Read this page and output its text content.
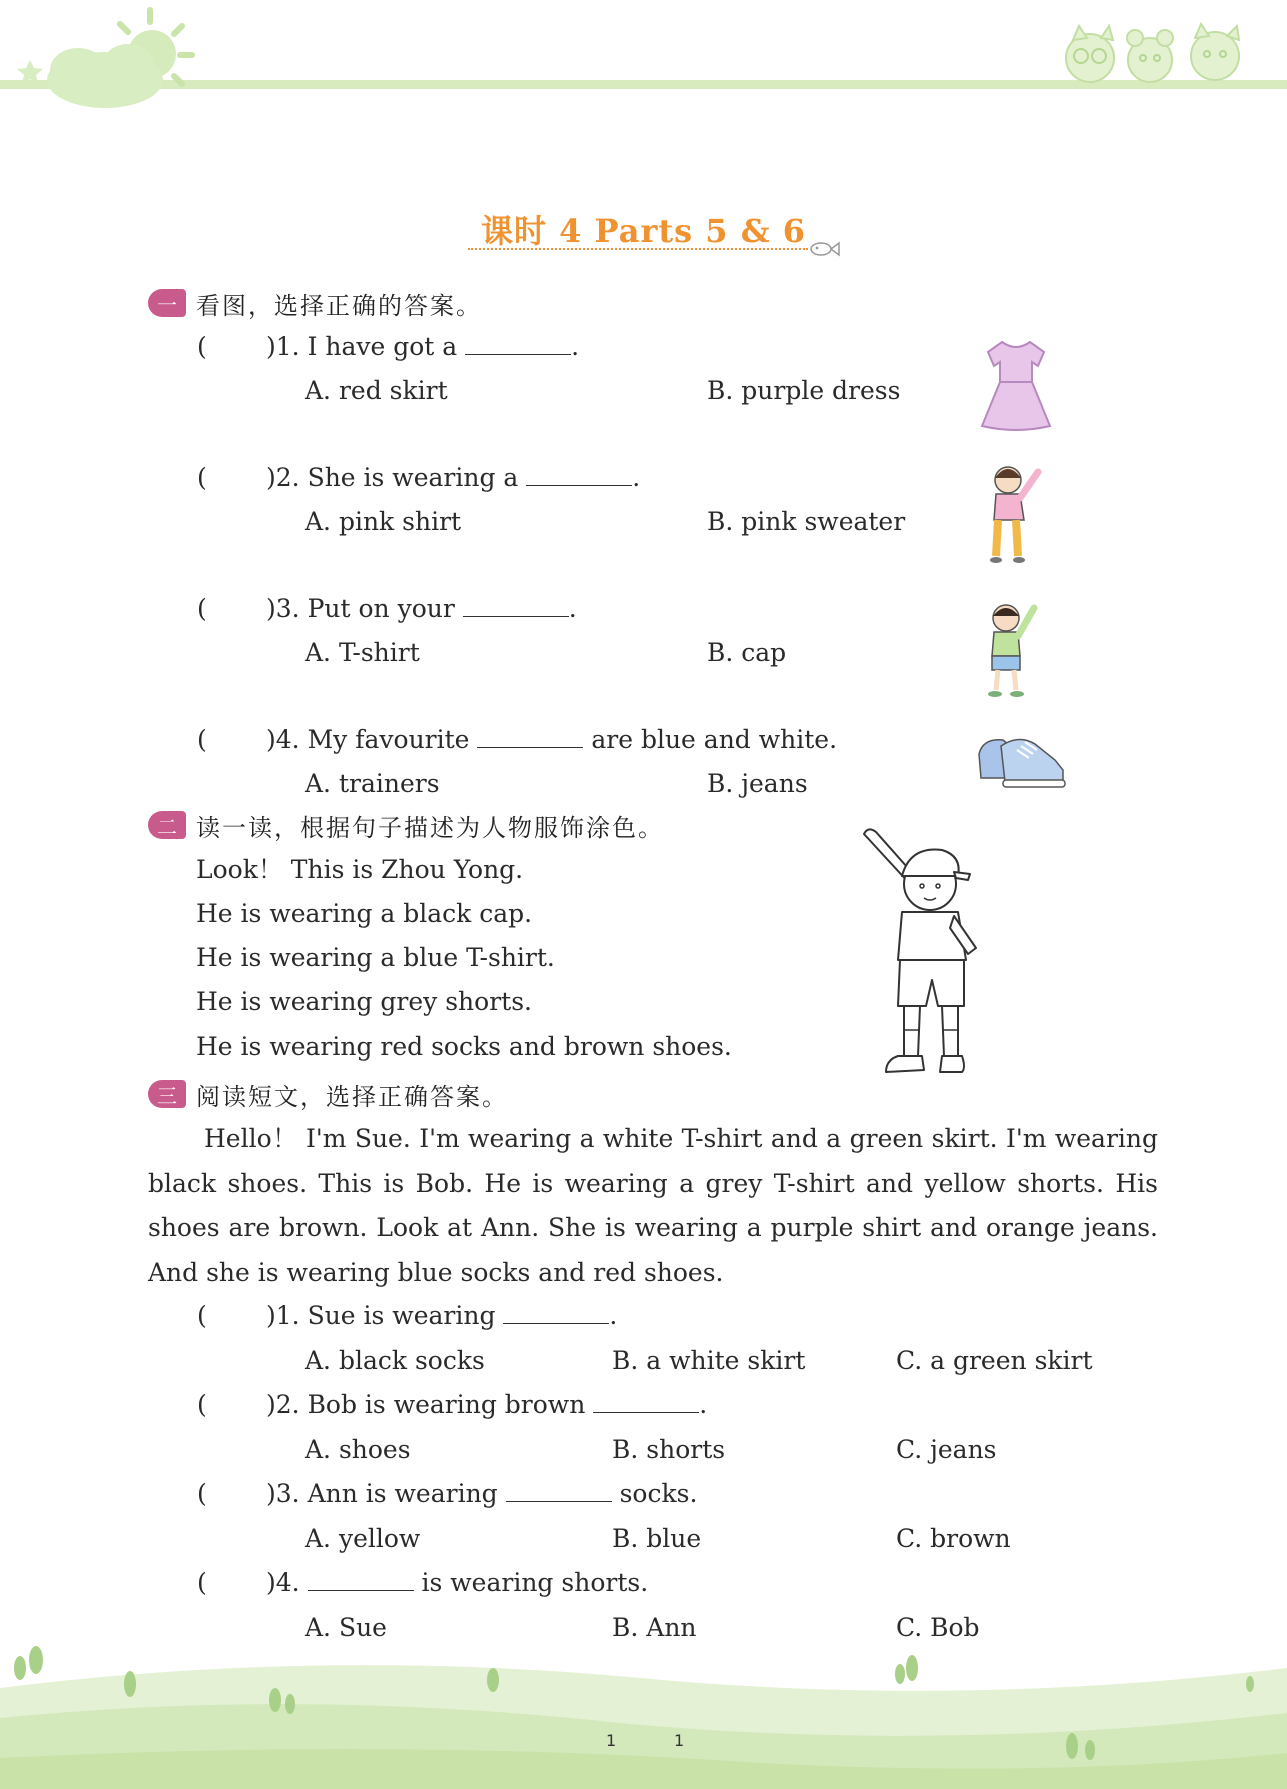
课时 4 Parts 5 & 6
一 看图，选择正确的答案。
( )1. I have got a	.
A. red skirt	B. purple dress
( )2. She is wearing a	.
A. pink shirt	B. pink sweater
( )3. Put on your	.
A. T-shirt	B. cap
( )4. My favourite	are blue and white.
A. trainers	B. jeans
二 读一读，根据句子描述为人物服饰涂色。
Look！ This is Zhou Yong.
He is wearing a black cap.
He is wearing a blue T-shirt.
He is wearing grey shorts.
He is wearing red socks and brown shoes.
三 阅读短文，选择正确答案。
Hello！ I'm Sue. I'm wearing a white T-shirt and a green skirt. I'm wearing black shoes. This is Bob. He is wearing a grey T-shirt and yellow shorts. His shoes are brown. Look at Ann. She is wearing a purple shirt and orange jeans. And she is wearing blue socks and red shoes.
( )1. Sue is wearing	.
A. black socks	B. a white skirt	C. a green skirt
( )2. Bob is wearing brown	.
A. shoes	B. shorts	C. jeans
( )3. Ann is wearing	socks.
A. yellow	B. blue	C. brown
( )4.	is wearing shorts.
A. Sue	B. Ann	C. Bob
1	1
